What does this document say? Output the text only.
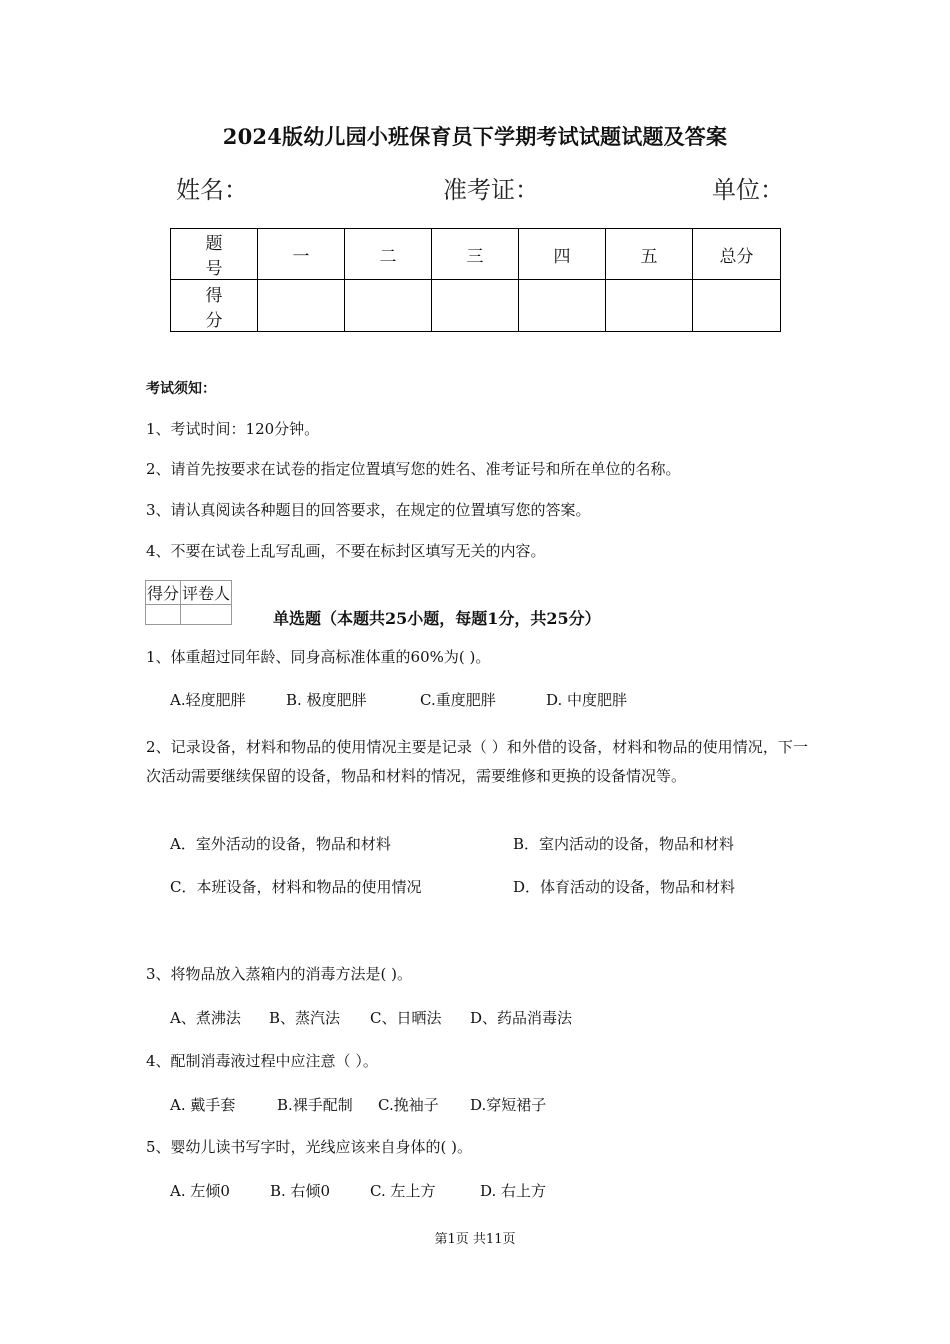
2024版幼儿园小班保育员下学期考试试题试题及答案
姓名：	准考证：	单位：
题 号	一	二	三	四	五	总分
得 分						
考试须知：
1、考试时间：120分钟。
2、请首先按要求在试卷的指定位置填写您的姓名、准考证号和所在单位的名称。
3、请认真阅读各种题目的回答要求，在规定的位置填写您的答案。
4、不要在试卷上乱写乱画，不要在标封区填写无关的内容。
得分	评卷人

单选题（本题共25小题，每题1分，共25分）
1、体重超过同年龄、同身高标准体重的60%为( )。
A.轻度肥胖	B. 极度肥胖	C.重度肥胖	D. 中度肥胖
2、记录设备，材料和物品的使用情况主要是记录（ ）和外借的设备，材料和物品的使用情况，下一次活动需要继续保留的设备，物品和材料的情况，需要维修和更换的设备情况等。
A．室外活动的设备，物品和材料	B．室内活动的设备，物品和材料
C．本班设备，材料和物品的使用情况	D．体育活动的设备，物品和材料
3、将物品放入蒸箱内的消毒方法是( )。
A、煮沸法 B、蒸汽法 C、日晒法 D、药品消毒法
4、配制消毒液过程中应注意（ ）。
A. 戴手套	B.裸手配制 C.挽袖子 D.穿短裙子
5、婴幼儿读书写字时，光线应该来自身体的( )。
A. 左倾0	B. 右倾0	C. 左上方	D. 右上方
第1页 共11页
